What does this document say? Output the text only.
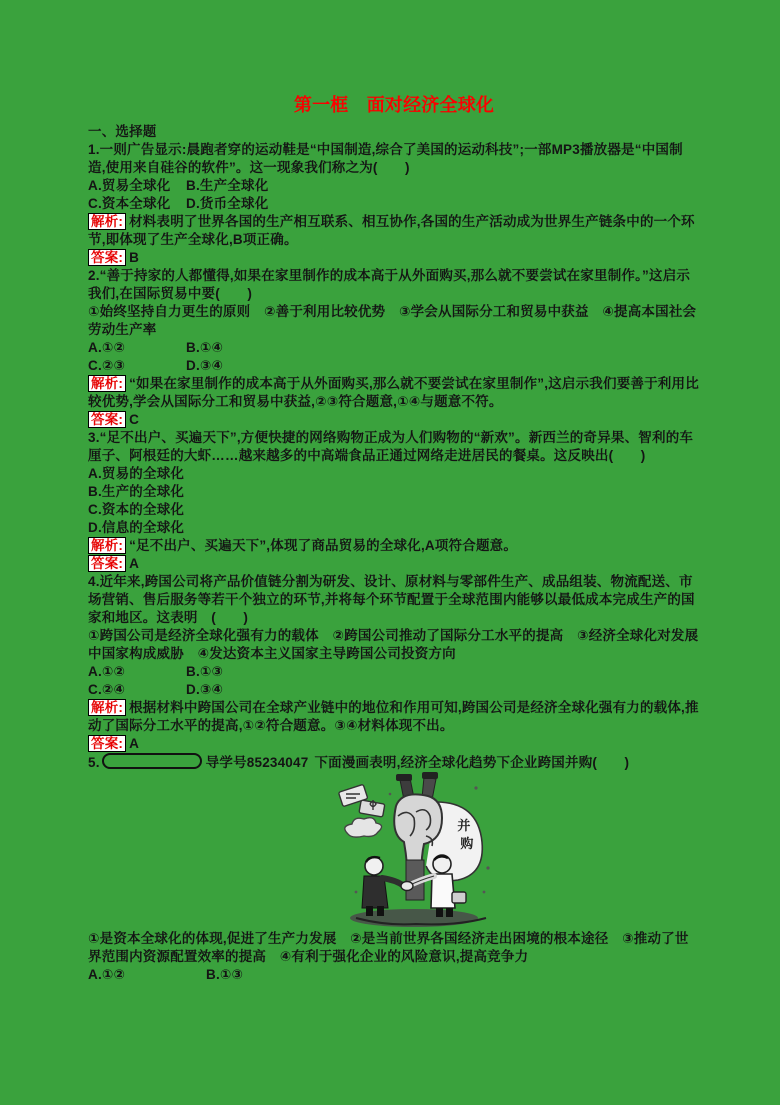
第一框　面对经济全球化

一、选择题

1.一则广告显示:晨跑者穿的运动鞋是“中国制造,综合了美国的运动科技”;一部MP3播放器是“中国制造,使用来自硅谷的软件”。这一现象我们称之为(　　)

A.贸易全球化 B.生产全球化

C.资本全球化 D.货币全球化

解析: 材料表明了世界各国的生产相互联系、相互协作,各国的生产活动成为世界生产链条中的一个环节,即体现了生产全球化,B项正确。

答案: B

2.“善于持家的人都懂得,如果在家里制作的成本高于从外面购买,那么就不要尝试在家里制作。”这启示我们,在国际贸易中要(　　)

①始终坚持自力更生的原则　②善于利用比较优势　③学会从国际分工和贸易中获益　④提高本国社会劳动生产率

A.①②	B.①④

C.②③	D.③④

解析: “如果在家里制作的成本高于从外面购买,那么就不要尝试在家里制作”,这启示我们要善于利用比较优势,学会从国际分工和贸易中获益,②③符合题意,①④与题意不符。

答案: C

3.“足不出户、买遍天下”,方便快捷的网络购物正成为人们购物的“新欢”。新西兰的奇异果、智利的车厘子、阿根廷的大虾……越来越多的中高端食品正通过网络走进居民的餐桌。这反映出(　　)

A.贸易的全球化

B.生产的全球化

C.资本的全球化

D.信息的全球化

解析: “足不出户、买遍天下”,体现了商品贸易的全球化,A项符合题意。

答案: A

4.近年来,跨国公司将产品价值链分割为研发、设计、原材料与零部件生产、成品组装、物流配送、市场营销、售后服务等若干个独立的环节,并将每个环节配置于全球范围内能够以最低成本完成生产的国家和地区。这表明　(　　)

①跨国公司是经济全球化强有力的载体　②跨国公司推动了国际分工水平的提高　③经济全球化对发展中国家构成威胁　④发达资本主义国家主导跨国公司投资方向

A.①②	B.①③

C.②④	D.③④

解析: 根据材料中跨国公司在全球产业链中的地位和作用可知,跨国公司是经济全球化强有力的载体,推动了国际分工水平的提高,①②符合题意。③④材料体现不出。

答案: A

5.	导学号85234047 下面漫画表明,经济全球化趋势下企业跨国并购(　　)

并
购

①是资本全球化的体现,促进了生产力发展　②是当前世界各国经济走出困境的根本途径　③推动了世界范围内资源配置效率的提高　④有利于强化企业的风险意识,提高竞争力

A.①②	B.①③
